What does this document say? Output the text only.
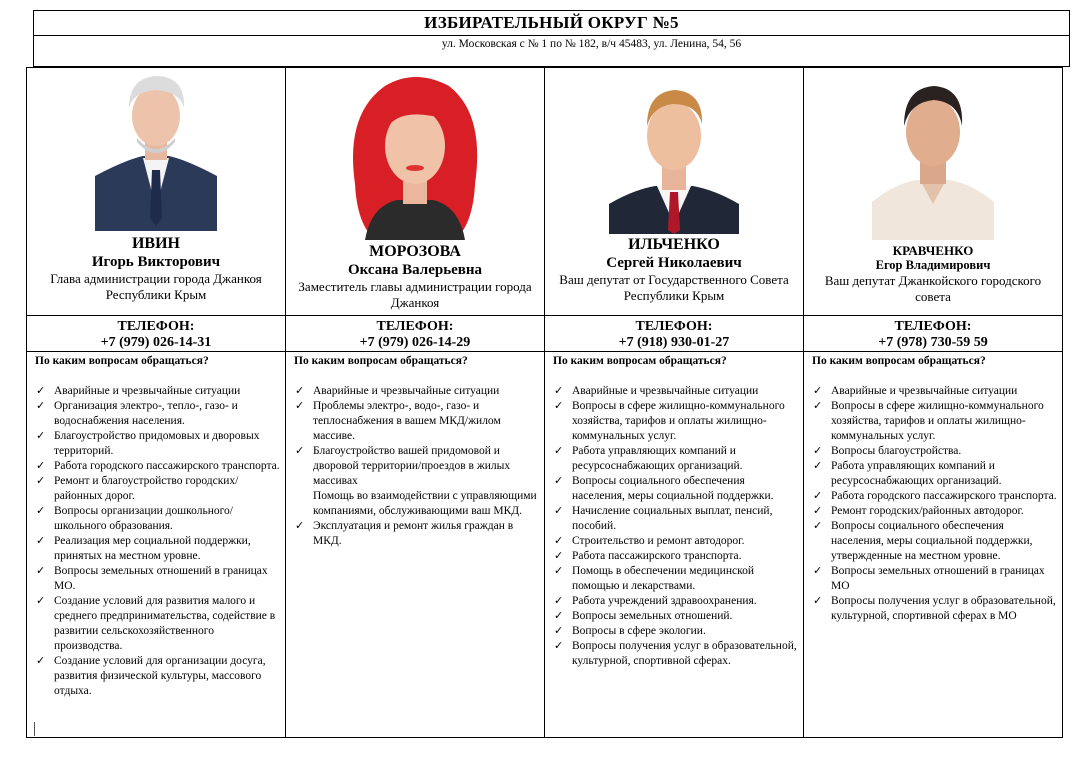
ИЗБИРАТЕЛЬНЫЙ ОКРУГ №5
ул. Московская с № 1 по № 182, в/ч 45483, ул. Ленина, 54, 56
ИВИН
Игорь Викторович
Глава администрации города Джанкоя Республики Крым
МОРОЗОВА
Оксана Валерьевна
Заместитель главы администрации города Джанкоя
ИЛЬЧЕНКО
Сергей Николаевич
Ваш депутат от Государственного Совета Республики Крым
КРАВЧЕНКО
Егор Владимирович
Ваш депутат Джанкойского городского совета
ТЕЛЕФОН:
+7 (979) 026-14-31
ТЕЛЕФОН:
+7 (979) 026-14-29
ТЕЛЕФОН:
+7 (918) 930-01-27
ТЕЛЕФОН:
+7 (978) 730-59 59
По каким вопросам обращаться?
✓ Аварийные и чрезвычайные ситуации
✓ Организация электро-, тепло-, газо- и водоснабжения населения.
✓ Благоустройство придомовых и дворовых территорий.
✓ Работа городского пассажирского транспорта.
✓ Ремонт и благоустройство городских/районных дорог.
✓ Вопросы организации дошкольного/школьного образования.
✓ Реализация мер социальной поддержки, принятых на местном уровне.
✓ Вопросы земельных отношений в границах МО.
✓ Создание условий для развития малого и среднего предпринимательства, содействие в развитии сельскохозяйственного производства.
✓ Создание условий для организации досуга, развития физической культуры, массового отдыха.
По каким вопросам обращаться?
✓ Аварийные и чрезвычайные ситуации
✓ Проблемы электро-, водо-, газо- и теплоснабжения в вашем МКД/жилом массиве.
✓ Благоустройство вашей придомовой и дворовой территории/проездов в жилых массивах
Помощь во взаимодействии с управляющими компаниями, обслуживающими ваш МКД.
✓ Эксплуатация и ремонт жилья граждан в МКД.
По каким вопросам обращаться?
✓ Аварийные и чрезвычайные ситуации
✓ Вопросы в сфере жилищно-коммунального хозяйства, тарифов и оплаты жилищно-коммунальных услуг.
✓ Работа управляющих компаний и ресурсоснабжающих организаций.
✓ Вопросы социального обеспечения населения, меры социальной поддержки.
✓ Начисление социальных выплат, пенсий, пособий.
✓ Строительство и ремонт автодорог.
✓ Работа пассажирского транспорта.
✓ Помощь в обеспечении медицинской помощью и лекарствами.
✓ Работа учреждений здравоохранения.
✓ Вопросы земельных отношений.
✓ Вопросы в сфере экологии.
✓ Вопросы получения услуг в образовательной, культурной, спортивной сферах.
По каким вопросам обращаться?
✓ Аварийные и чрезвычайные ситуации
✓ Вопросы в сфере жилищно-коммунального хозяйства, тарифов и оплаты жилищно-коммунальных услуг.
✓ Вопросы благоустройства.
✓ Работа управляющих компаний и ресурсоснабжающих организаций.
✓ Работа городского пассажирского транспорта.
✓ Ремонт городских/районных автодорог.
✓ Вопросы социального обеспечения населения, меры социальной поддержки, утвержденные на местном уровне.
✓ Вопросы земельных отношений в границах МО
✓ Вопросы получения услуг в образовательной, культурной, спортивной сферах в МО
